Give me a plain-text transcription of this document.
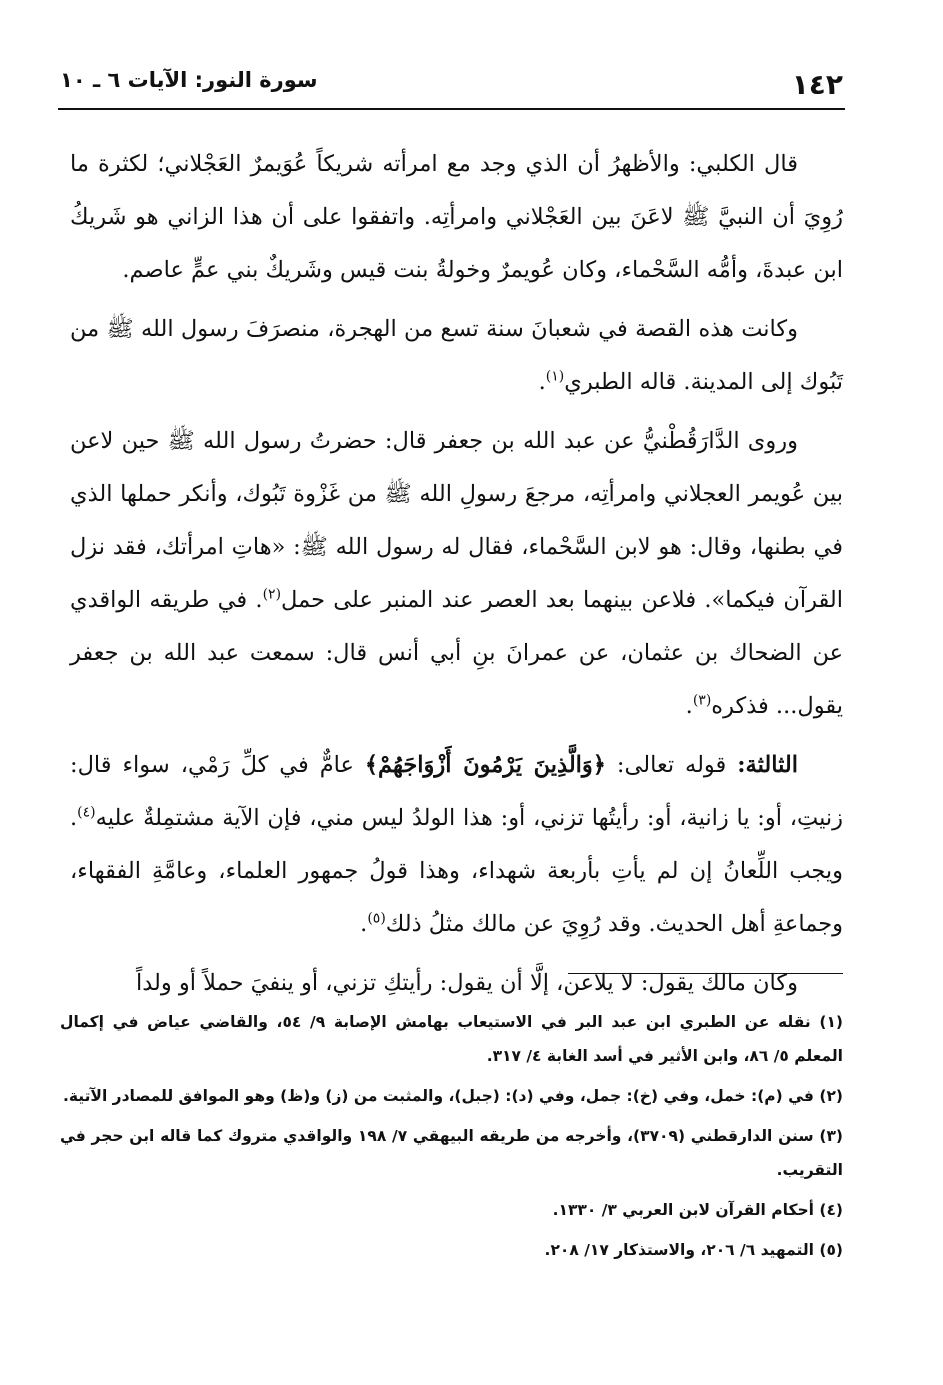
١٤٢
سورة النور: الآيات ٦ ـ ١٠

قال الكلبي: والأظهرُ أن الذي وجد مع امرأته شريكاً عُوَيمرٌ العَجْلاني؛ لكثرة ما رُوِيَ أن النبيَّ ﷺ لاعَنَ بين العَجْلاني وامرأتِه. واتفقوا على أن هذا الزاني هو شَريكُ ابن عبدةَ، وأمُّه السَّحْماء، وكان عُويمرٌ وخولةُ بنت قيس وشَريكٌ بني عمٍّ عاصم.

وكانت هذه القصة في شعبانَ سنة تسع من الهجرة، منصرَفَ رسول الله ﷺ من تَبُوك إلى المدينة. قاله الطبري$^{(١)}$.

وروى الدَّارَقُطْنيُّ عن عبد الله بن جعفر قال: حضرتُ رسول الله ﷺ حين لاعن بين عُويمر العجلاني وامرأتِه، مرجعَ رسولِ الله ﷺ من غَزْوة تَبُوك، وأنكر حملها الذي في بطنها، وقال: هو لابن السَّحْماء، فقال له رسول الله ﷺ: «هاتِ امرأتك، فقد نزل القرآن فيكما». فلاعن بينهما بعد العصر عند المنبر على حمل$^{(٢)}$. في طريقه الواقدي عن الضحاك بن عثمان، عن عمرانَ بنِ أبي أنس قال: سمعت عبد الله بن جعفر يقول... فذكره$^{(٣)}$.

الثالثة: قوله تعالى: ﴿وَالَّذِينَ يَرْمُونَ أَزْوَاجَهُمْ﴾ عامٌّ في كلِّ رَمْي، سواء قال: زنيتِ، أو: يا زانية، أو: رأيتُها تزني، أو: هذا الولدُ ليس مني، فإن الآية مشتمِلةٌ عليه$^{(٤)}$. ويجب اللِّعانُ إن لم يأتِ بأربعة شهداء، وهذا قولُ جمهور العلماء، وعامَّةِ الفقهاء، وجماعةِ أهل الحديث. وقد رُوِيَ عن مالك مثلُ ذلك$^{(٥)}$.

وكان مالك يقول: لا يلاعن، إلَّا أن يقول: رأيتكِ تزني، أو ينفيَ حملاً أو ولداً

(١) نقله عن الطبري ابن عبد البر في الاستيعاب بهامش الإصابة ٩/ ٥٤، والقاضي عياض في إكمال المعلم ٥/ ٨٦، وابن الأثير في أسد الغابة ٤/ ٣١٧.
(٢) في (م): خمل، وفي (خ): جمل، وفي (د): (جبل)، والمثبت من (ز) و(ظ) وهو الموافق للمصادر الآتية.
(٣) سنن الدارقطني (٣٧٠٩)، وأخرجه من طريقه البيهقي ٧/ ١٩٨ والواقدي متروك كما قاله ابن حجر في التقريب.
(٤) أحكام القرآن لابن العربي ٣/ ١٣٣٠.
(٥) التمهيد ٦/ ٢٠٦، والاستذكار ١٧/ ٢٠٨.
